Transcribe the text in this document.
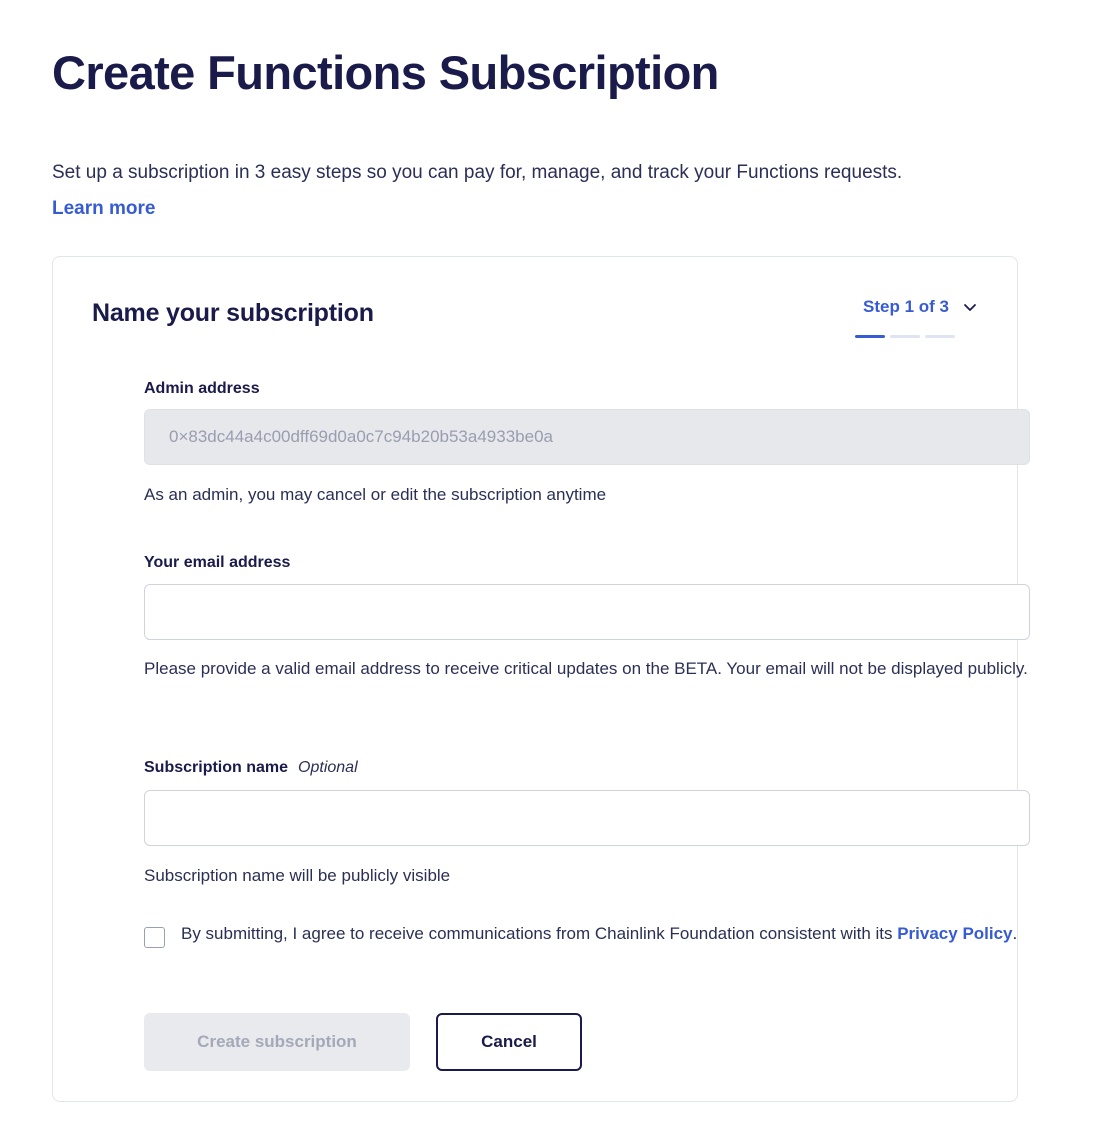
Create Functions Subscription
Set up a subscription in 3 easy steps so you can pay for, manage, and track your Functions requests. Learn more
Name your subscription	Step 1 of 3
Admin address
0×83dc44a4c00dff69d0a0c7c94b20b53a4933be0a
As an admin, you may cancel or edit the subscription anytime
Your email address
Please provide a valid email address to receive critical updates on the BETA. Your email will not be displayed publicly.
Subscription name Optional
Subscription name will be publicly visible
By submitting, I agree to receive communications from Chainlink Foundation consistent with its Privacy Policy.
Create subscription	Cancel
